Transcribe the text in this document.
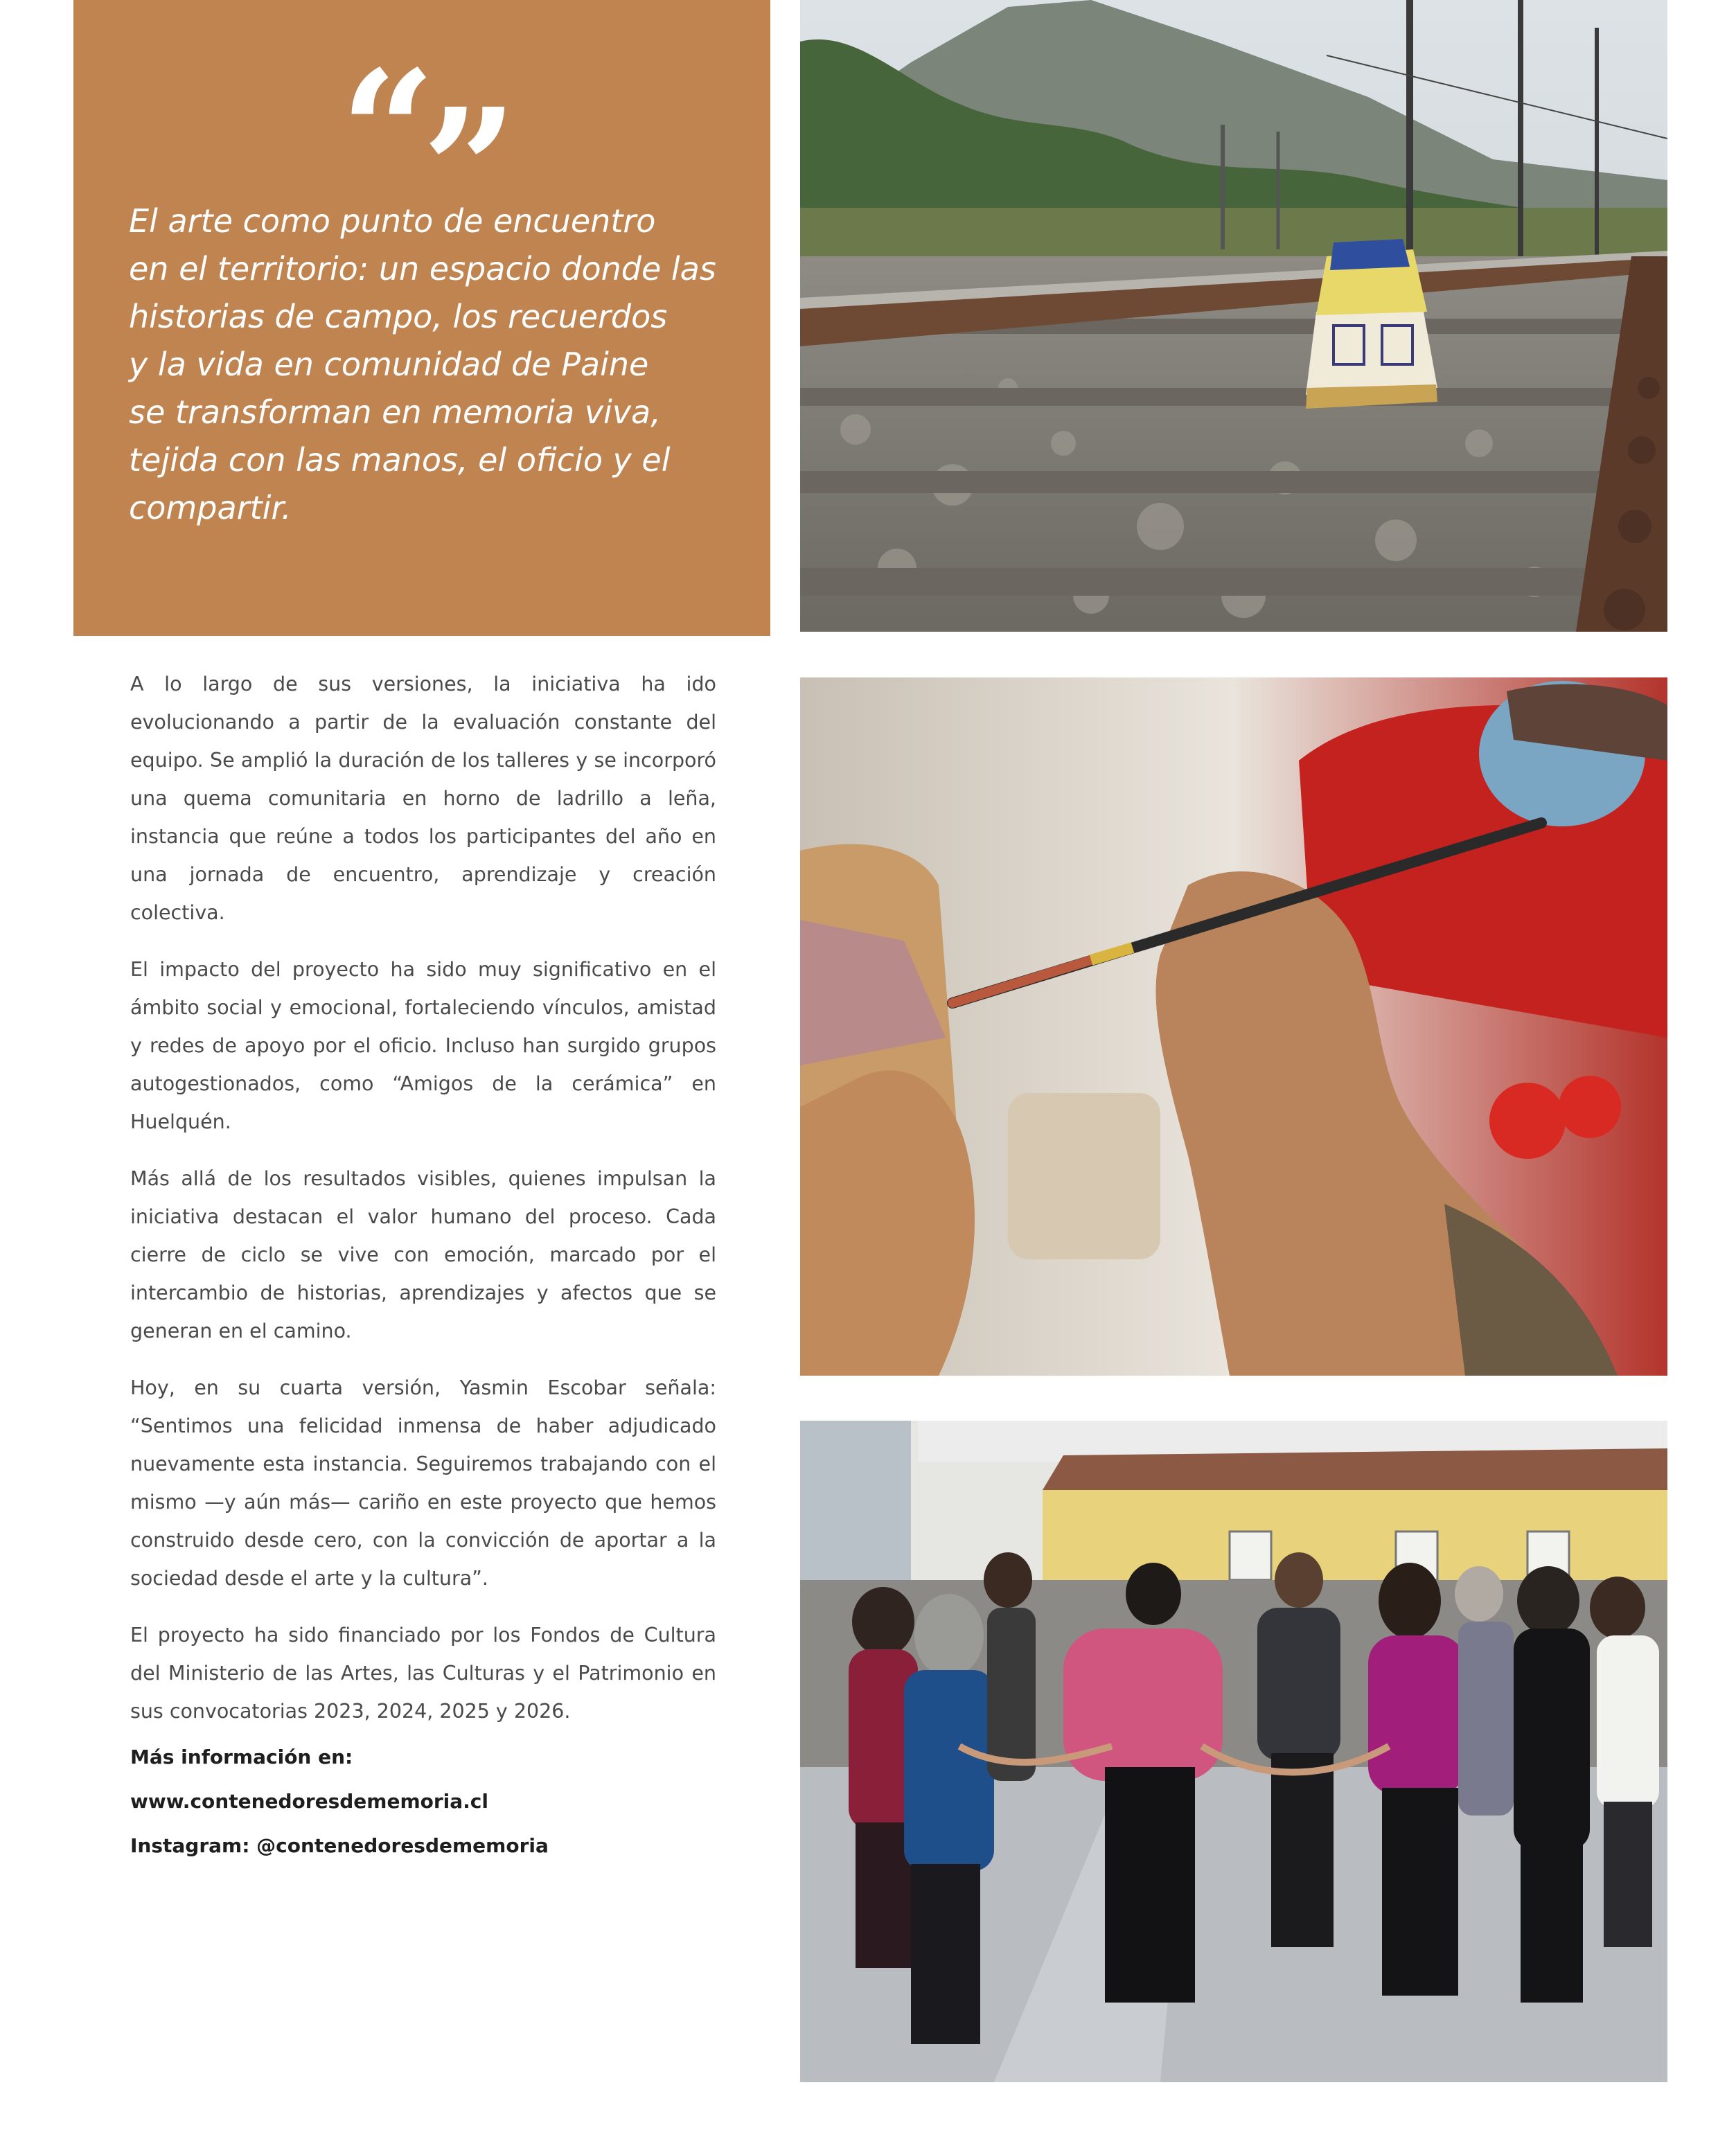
“”

El arte como punto de encuentro
en el territorio: un espacio donde las
historias de campo, los recuerdos
y la vida en comunidad de Paine
se transforman en memoria viva,
tejida con las manos, el oficio y el
compartir.

A lo largo de sus versiones, la iniciativa ha ido evolucionando a partir de la evaluación constante del equipo. Se amplió la duración de los talleres y se incorporó una quema comunitaria en horno de ladrillo a leña, instancia que reúne a todos los participantes del año en una jornada de encuentro, aprendizaje y creación colectiva.

El impacto del proyecto ha sido muy significativo en el ámbito social y emocional, fortaleciendo vínculos, amistad y redes de apoyo por el oficio. Incluso han surgido grupos autogestionados, como “Amigos de la cerámica” en Huelquén.

Más allá de los resultados visibles, quienes impulsan la iniciativa destacan el valor humano del proceso. Cada cierre de ciclo se vive con emoción, marcado por el intercambio de historias, aprendizajes y afectos que se generan en el camino.

Hoy, en su cuarta versión, Yasmin Escobar señala: “Sentimos una felicidad inmensa de haber adjudicado nuevamente esta instancia. Seguiremos trabajando con el mismo —y aún más— cariño en este proyecto que hemos construido desde cero, con la convicción de aportar a la sociedad desde el arte y la cultura”.

El proyecto ha sido financiado por los Fondos de Cultura del Ministerio de las Artes, las Culturas y el Patrimonio en sus convocatorias 2023, 2024, 2025 y 2026.

Más información en:
www.contenedoresdememoria.cl
Instagram: @contenedoresdememoria
